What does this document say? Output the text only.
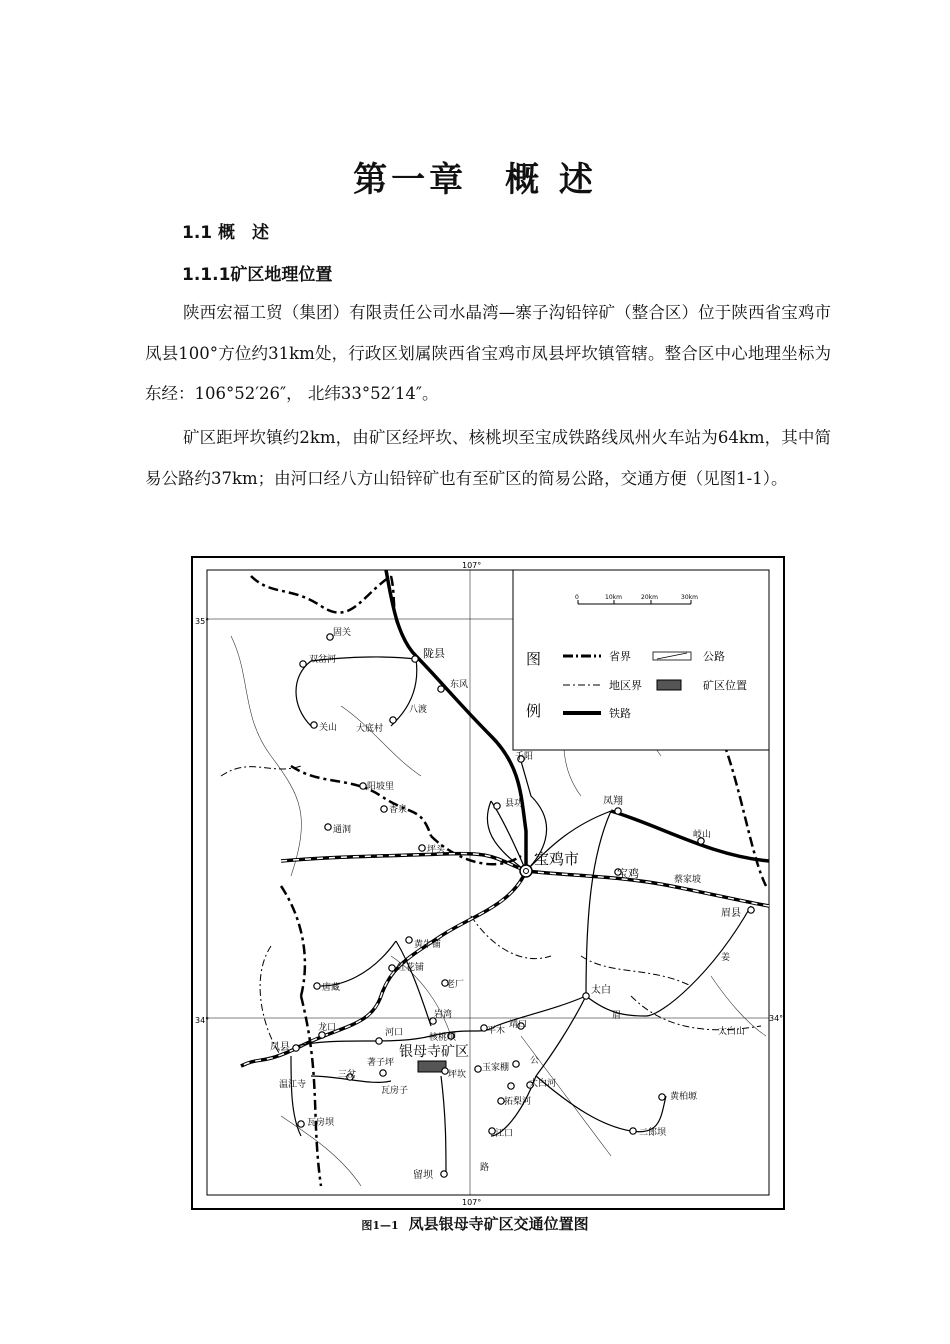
第一章　概 述
1.1 概　述
1.1.1矿区地理位置

陕西宏福工贸（集团）有限责任公司水晶湾—寨子沟铅锌矿（整合区）位于陕西省宝鸡市凤县100°方位约31km处，行政区划属陕西省宝鸡市凤县坪坎镇管辖。整合区中心地理坐标为东经：106°52′26″， 北纬33°52′14″。

矿区距坪坎镇约2km，由矿区经坪坎、核桃坝至宝成铁路线凤州火车站为64km，其中简易公路约37km；由河口经八方山铅锌矿也有至矿区的简易公路，交通方便（见图1-1）。

107°
107°
35°
34°	34°
0	10km	20km	30km
图
例
省界
地区界
铁路
公路
矿区位置
固关
双岔河	陇县
东风
八渡
大底村
关山
千阳
阳坡里
香泉
通洞
县功	凤翔
岐山
坪头	宝鸡市
宝鸡	蔡家坡
眉县
黄牛铺
红花铺
老厂
唐藏	太白
眉
姜
太白山
岩湾
龙口	河口	核桃坝
平木
靖口
凤县	银母寺矿区
著子坪
坪坎
玉家棚
公
三岔
瓦房子
温江寺	太白河
拓梨河	黄柏塬
江口	二郎坝
瓦房坝
留坝
路
图1—1 凤县银母寺矿区交通位置图
